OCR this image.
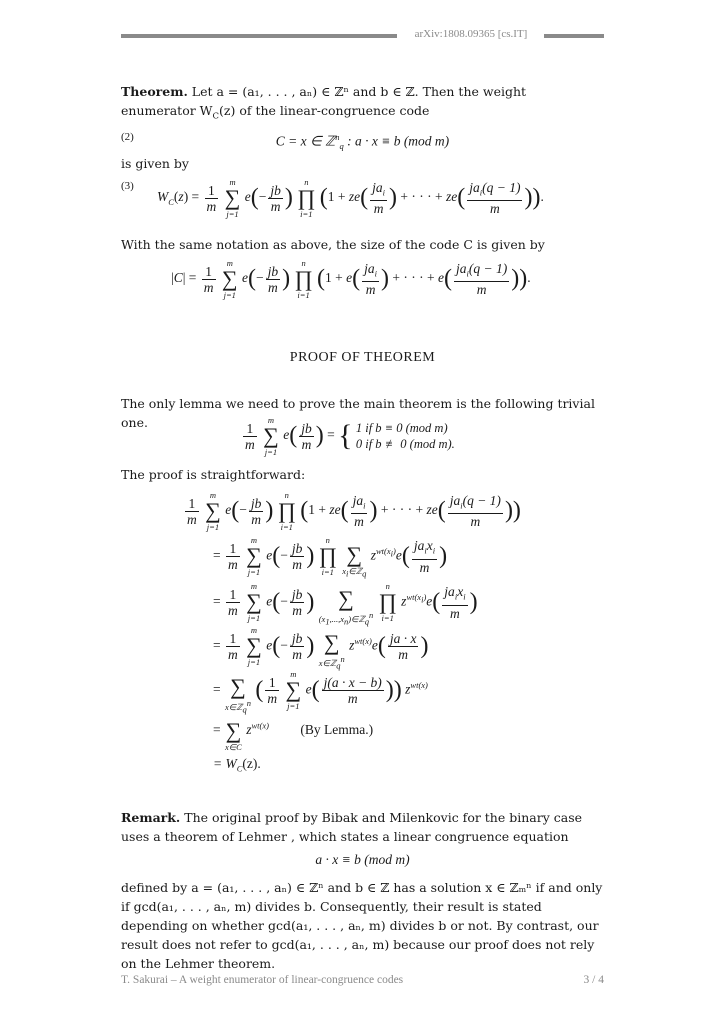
arXiv:1808.09365 [cs.IT]

Theorem. Let a = (a₁, . . . , aₙ) ∈ ℤⁿ and b ∈ ℤ. Then the weight enumerator $W_C(z)$ of the linear-congruence code

(2)	C = x ∈ ℤ$^n_q$ : a · x ≡ b (mod m)

is given by

(3)
$W_C(z) = \frac{1}{m}$

m
∑
j=1
$e(- \frac{jb}{m}$ )
n
∏
i=1
($1 + ze( \frac{ja_i}{m}$ ) + · · · + $ze( \frac{ja_i(q - 1)}{m}$ )).

With the same notation as above, the size of the code C is given by

$|C| = \frac{1}{m}$

m
∑
j=1
$e(- \frac{jb}{m}$ )
n
∏
i=1
($1 + e( \frac{ja_i}{m}$ ) + · · · + $e( \frac{ja_i(q - 1)}{m}$ )).
PROOF OF THEOREM

The only lemma we need to prove the main theorem is the following trivial one.	$\frac{1}{m}$

m
∑
j=1
$e( \frac{jb}{m}$ ) = { 1 if b ≡ 0 (mod m)
0 if b ≢ 0 (mod m).

The proof is straightforward:

$\frac{1}{m}$

m
∑
j=1
$e(- \frac{jb}{m}$ )
n
∏
i=1
($1 + ze( \frac{ja_i}{m}$ ) + · · · + $ze( \frac{ja_i(q - 1)}{m}$ ))
= $\frac{1}{m}$

m
∑
j=1
$e(- \frac{jb}{m}$ )
n
∏
i=1

∑
$x_i\in ℤ_q$
$z^{wt(x_i)}e( \frac{ja_ix_i}{m}$ )
= $\frac{1}{m}$

m
∑
j=1
$e(- \frac{jb}{m}$ )
	∑
$(x_1,...,x_n)\in ℤ_q^n$

n
∏
i=1
$z^{wt(x_i)}e( \frac{ja_ix_i}{m}$ )
= $\frac{1}{m}$

m
∑
j=1
$e(- \frac{jb}{m}$ )
∑
x∈ℤ$_q^n$
$z^{wt(x)}e( \frac{ja \cdot x}{m}$ )
=
∑
x∈ℤ$_q^n$
( $\frac{1}{m}$

m
∑
j=1
$e( \frac{j(a \cdot x - b)}{m}$ )) $z^{wt(x)}$
=
∑
x∈C
$z^{wt(x)}$ (By Lemma.)
= $W_C(z)$.

Remark. The original proof by Bibak and Milenkovic for the binary case uses a theorem of Lehmer , which states a linear congruence equation

a · x ≡ b (mod m)

defined by a = (a₁, . . . , aₙ) ∈ ℤⁿ and b ∈ ℤ has a solution x ∈ ℤₘⁿ if and only if gcd(a₁, . . . , aₙ, m) divides b. Consequently, their result is stated depending on whether gcd(a₁, . . . , aₙ, m) divides b or not. By contrast, our result does not refer to gcd(a₁, . . . , aₙ, m) because our proof does not rely on the Lehmer theorem.

T. Sakurai – A weight enumerator of linear-congruence codes	3 / 4
